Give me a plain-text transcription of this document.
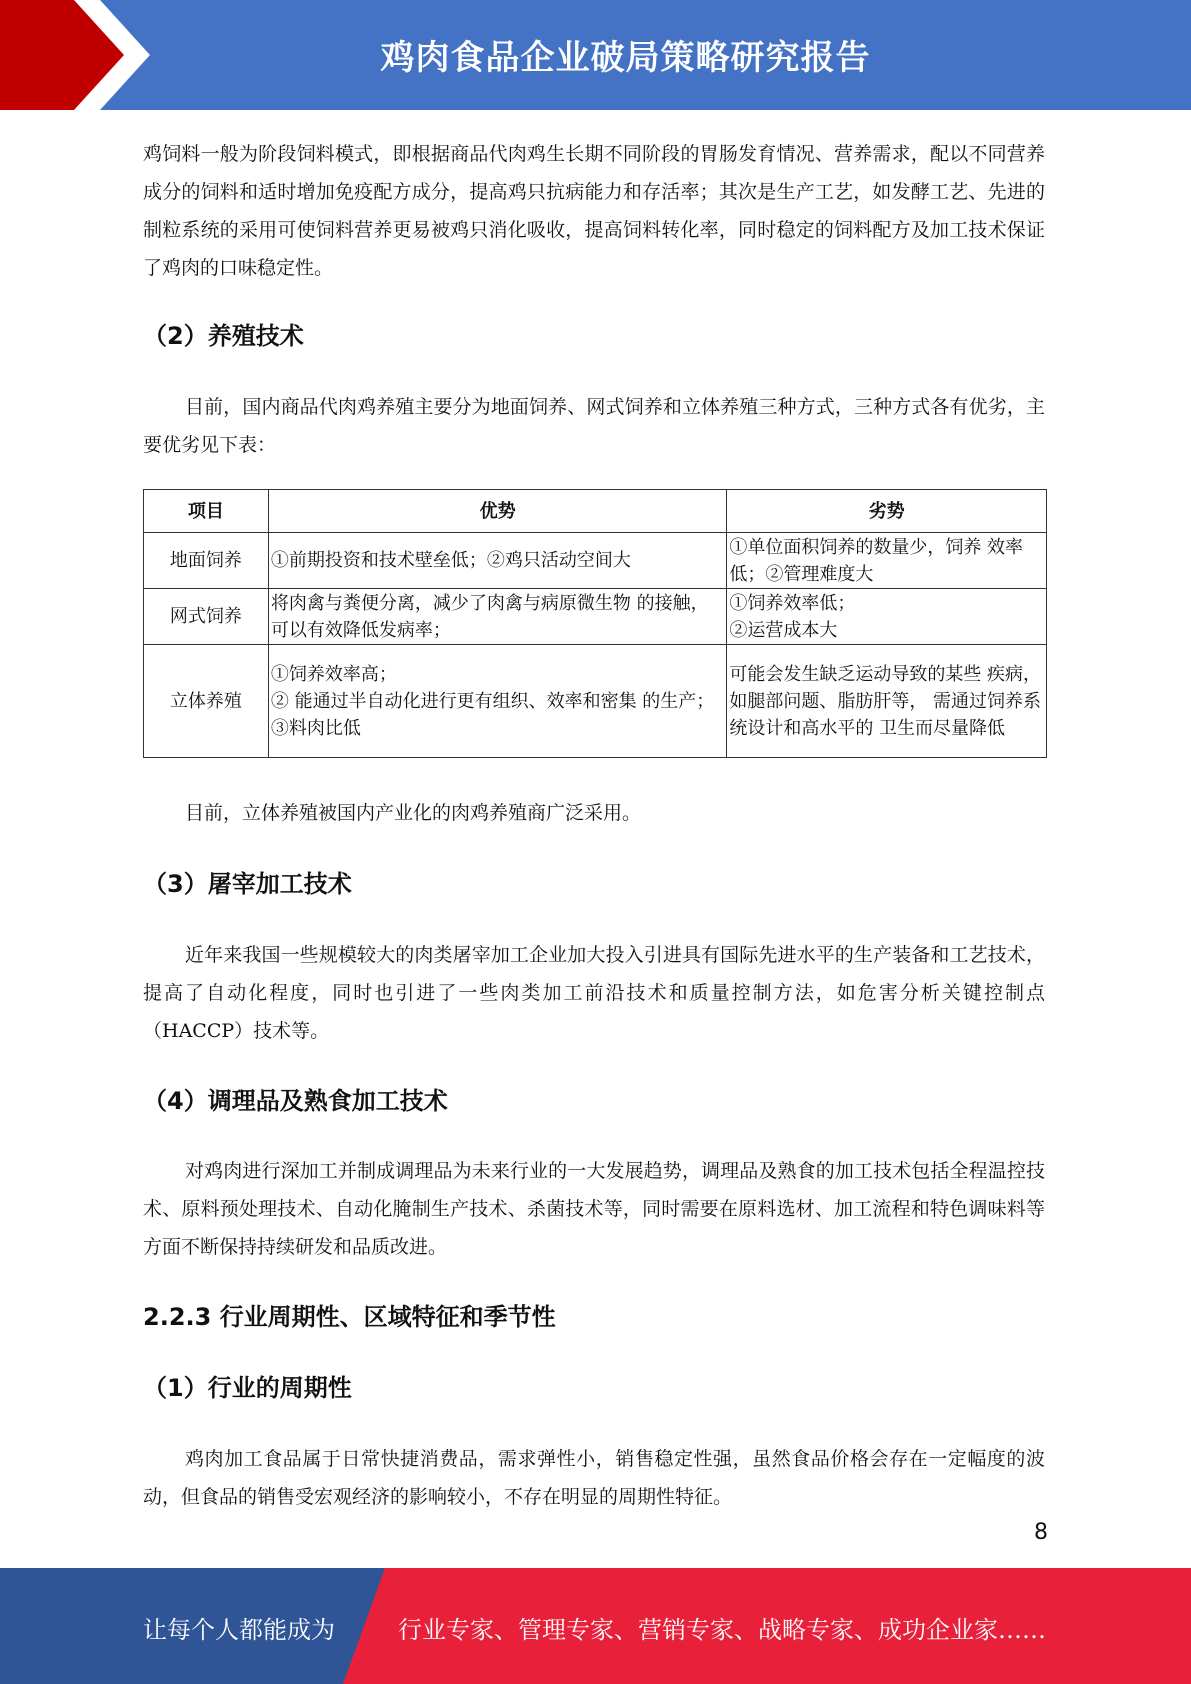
鸡肉食品企业破局策略研究报告

鸡饲料一般为阶段饲料模式，即根据商品代肉鸡生长期不同阶段的胃肠发育情况、营养需求，配以不同营养成分的饲料和适时增加免疫配方成分，提高鸡只抗病能力和存活率；其次是生产工艺，如发酵工艺、先进的制粒系统的采用可使饲料营养更易被鸡只消化吸收，提高饲料转化率，同时稳定的饲料配方及加工技术保证了鸡肉的口味稳定性。

（2）养殖技术

目前，国内商品代肉鸡养殖主要分为地面饲养、网式饲养和立体养殖三种方式，三种方式各有优劣，主要优劣见下表：

项目	优势	劣势
地面饲养	①前期投资和技术壁垒低；②鸡只活动空间大	①单位面积饲养的数量少，饲养 效率低；②管理难度大

网式饲养	将肉禽与粪便分离，减少了肉禽与病原微生物 的接触，可以有效降低发病率；	①饲养效率低；
②运营成本大

立体养殖	①饲养效率高；
② 能通过半自动化进行更有组织、效率和密集 的生产；
③料肉比低	可能会发生缺乏运动导致的某些 疾病，如腿部问题、脂肪肝等， 需通过饲养系统设计和高水平的 卫生而尽量降低

目前，立体养殖被国内产业化的肉鸡养殖商广泛采用。

（3）屠宰加工技术

近年来我国一些规模较大的肉类屠宰加工企业加大投入引进具有国际先进水平的生产装备和工艺技术，提高了自动化程度，同时也引进了一些肉类加工前沿技术和质量控制方法，如危害分析关键控制点（HACCP）技术等。

（4）调理品及熟食加工技术

对鸡肉进行深加工并制成调理品为未来行业的一大发展趋势，调理品及熟食的加工技术包括全程温控技术、原料预处理技术、自动化腌制生产技术、杀菌技术等，同时需要在原料选材、加工流程和特色调味料等方面不断保持持续研发和品质改进。

2.2.3 行业周期性、区域特征和季节性
（1）行业的周期性

鸡肉加工食品属于日常快捷消费品，需求弹性小，销售稳定性强，虽然食品价格会存在一定幅度的波动，但食品的销售受宏观经济的影响较小，不存在明显的周期性特征。

8
让每个人都能成为	行业专家、管理专家、营销专家、战略专家、成功企业家……
